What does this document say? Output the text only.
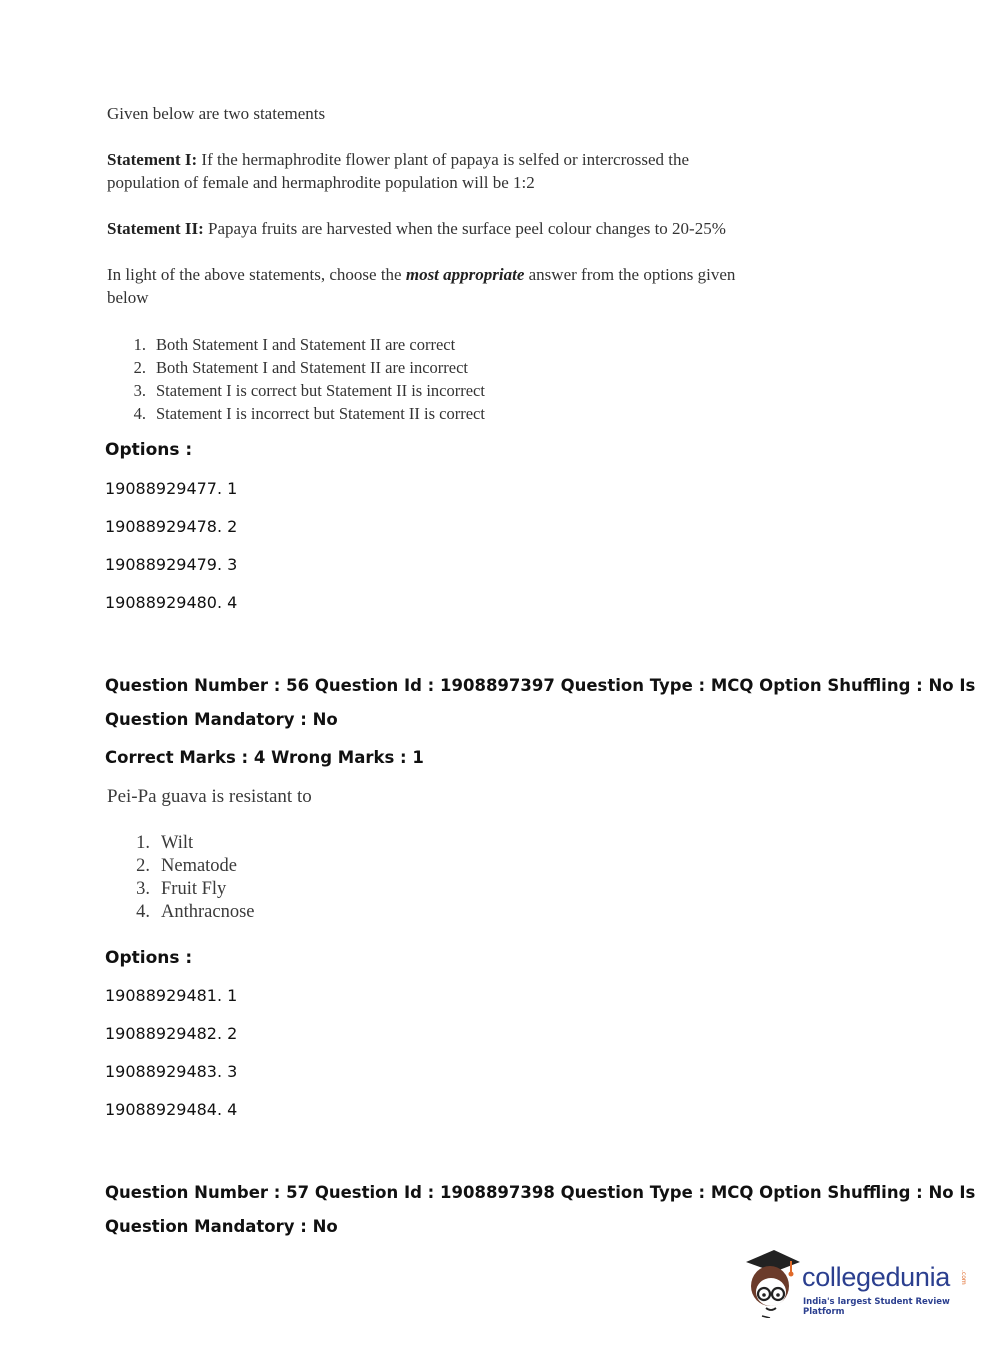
Given below are two statements
Statement I: If the hermaphrodite flower plant of papaya is selfed or intercrossed the
population of female and hermaphrodite population will be 1:2
Statement II: Papaya fruits are harvested when the surface peel colour changes to 20-25%
In light of the above statements, choose the most appropriate answer from the options given
below
1. Both Statement I and Statement II are correct
2. Both Statement I and Statement II are incorrect
3. Statement I is correct but Statement II is incorrect
4. Statement I is incorrect but Statement II is correct
Options :
19088929477. 1
19088929478. 2
19088929479. 3
19088929480. 4
Question Number : 56 Question Id : 1908897397 Question Type : MCQ Option Shuffling : No Is
Question Mandatory : No
Correct Marks : 4 Wrong Marks : 1
Pei-Pa guava is resistant to
1. Wilt
2. Nematode
3. Fruit Fly
4. Anthracnose
Options :
19088929481. 1
19088929482. 2
19088929483. 3
19088929484. 4
Question Number : 57 Question Id : 1908897398 Question Type : MCQ Option Shuffling : No Is
Question Mandatory : No
collegedunia .com
India's largest Student Review Platform
